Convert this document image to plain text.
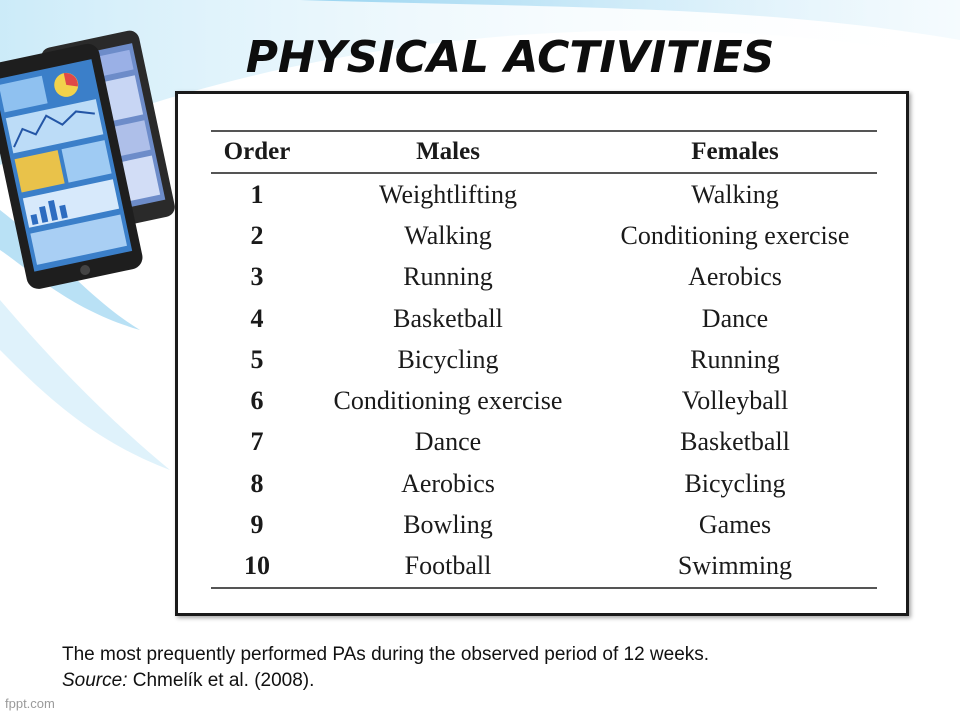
PHYSICAL ACTIVITIES
Order	Males	Females
1	Weightlifting	Walking
2	Walking	Conditioning exercise
3	Running	Aerobics
4	Basketball	Dance
5	Bicycling	Running
6	Conditioning exercise	Volleyball
7	Dance	Basketball
8	Aerobics	Bicycling
9	Bowling	Games
10	Football	Swimming
The most prequently performed PAs during the observed period of 12 weeks.
Source: Chmelík et al. (2008).
fppt.com
